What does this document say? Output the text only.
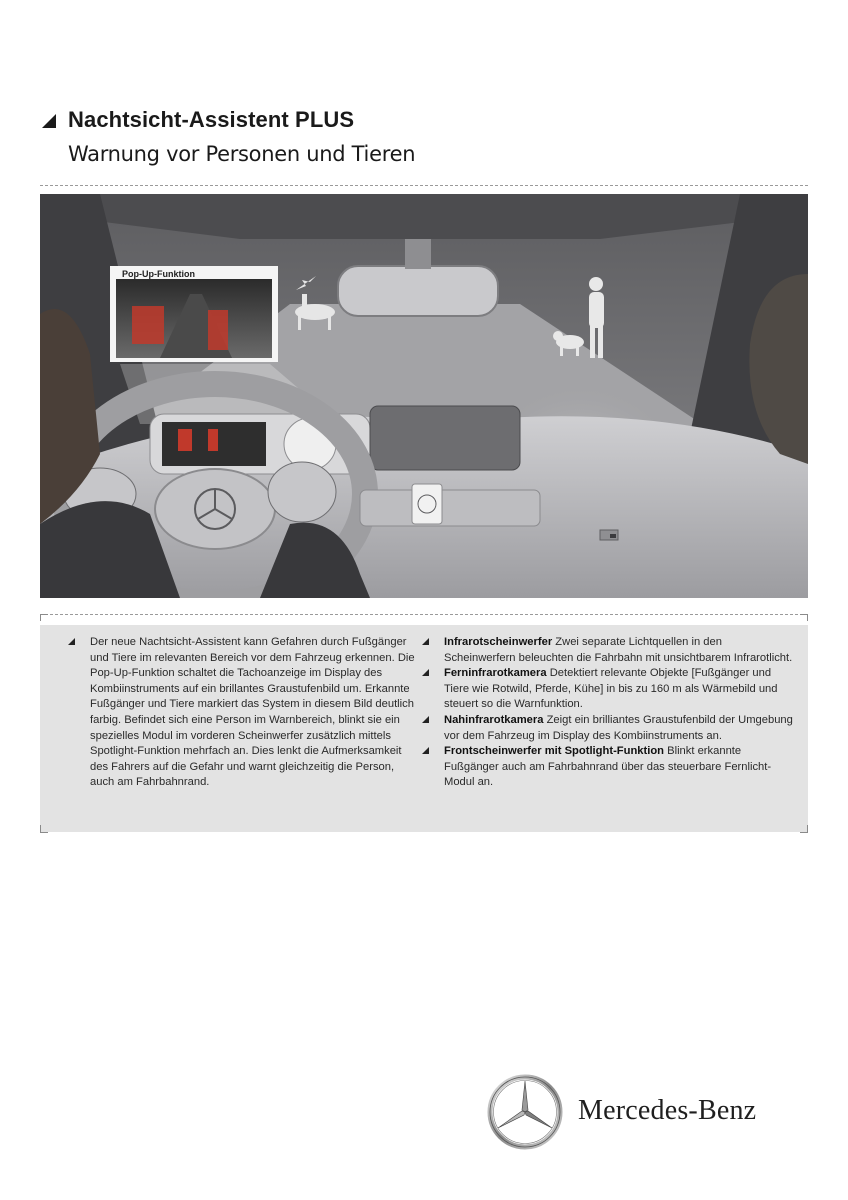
Nachtsicht-Assistent PLUS
Warnung vor Personen und Tieren
Pop-Up-Funktion

Der neue Nachtsicht-Assistent kann Gefahren durch Fußgänger und Tiere im relevanten Bereich vor dem Fahrzeug erkennen. Die Pop-Up-Funktion schaltet die Tachoanzeige im Display des Kombiinstruments auf ein brillantes Graustufenbild um. Erkannte Fußgänger und Tiere markiert das System in diesem Bild deutlich farbig. Befindet sich eine Person im Warnbereich, blinkt sie ein spezielles Modul im vorderen Scheinwerfer zusätzlich mittels Spotlight-Funktion mehrfach an. Dies lenkt die Aufmerksamkeit des Fahrers auf die Gefahr und warnt gleichzeitig die Person, auch am Fahrbahnrand.

Infrarotscheinwerfer Zwei separate Lichtquellen in den Scheinwerfern beleuchten die Fahrbahn mit unsichtbarem Infrarotlicht.

Ferninfrarotkamera Detektiert relevante Objekte [Fußgänger und Tiere wie Rotwild, Pferde, Kühe] in bis zu 160 m als Wärmebild und steuert so die Warnfunktion.

Nahinfrarotkamera Zeigt ein brilliantes Graustufenbild der Umgebung vor dem Fahrzeug im Display des Kombiinstruments an.

Frontscheinwerfer mit Spotlight-Funktion Blinkt erkannte Fußgänger auch am Fahrbahnrand über das steuerbare Fernlicht-Modul an.

Mercedes-Benz
